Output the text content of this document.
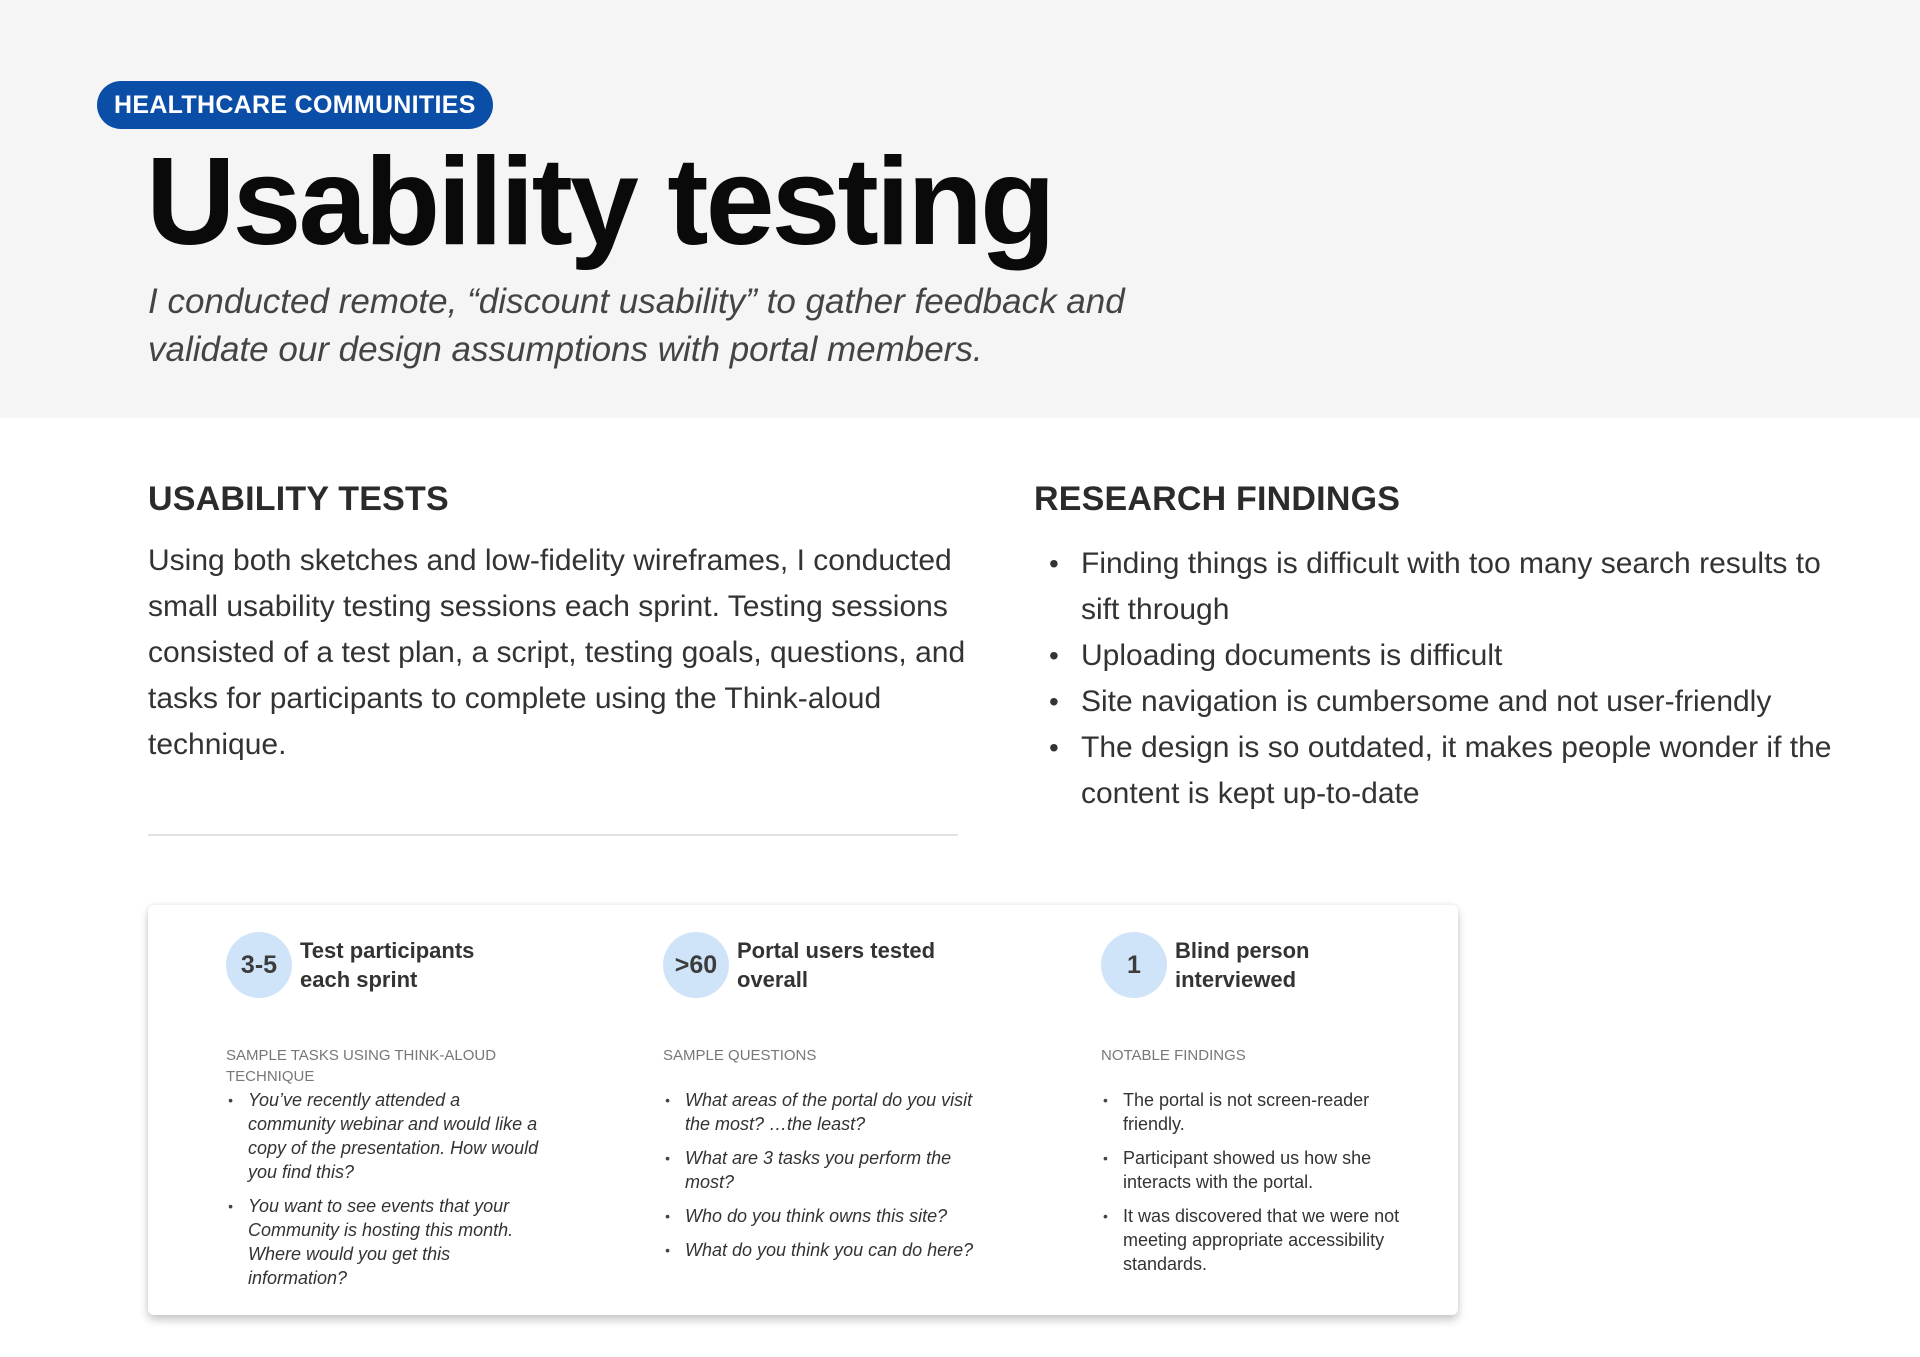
HEALTHCARE COMMUNITIES
Usability testing
I conducted remote, “discount usability” to gather feedback and validate our design assumptions with portal members.
USABILITY TESTS

Using both sketches and low-fidelity wireframes, I conducted small usability testing sessions each sprint. Testing sessions consisted of a test plan, a script, testing goals, questions, and tasks for participants to complete using the Think-aloud technique.

RESEARCH FINDINGS
• Finding things is difficult with too many search results to sift through
• Uploading documents is difficult
• Site navigation is cumbersome and not user-friendly
• The design is so outdated, it makes people wonder if the content is kept up-to-date
3-5	Test participants each sprint
SAMPLE TASKS USING THINK-ALOUD TECHNIQUE
• You’ve recently attended a community webinar and would like a copy of the presentation. How would you find this?
• You want to see events that your Community is hosting this month. Where would you get this information?
>60 Portal users tested overall
SAMPLE QUESTIONS
• What areas of the portal do you visit the most? …the least?
• What are 3 tasks you perform the most?
• Who do you think owns this site?
• What do you think you can do here?
1	Blind person interviewed
NOTABLE FINDINGS
• The portal is not screen-reader friendly.
• Participant showed us how she interacts with the portal.
• It was discovered that we were not meeting appropriate accessibility standards.
